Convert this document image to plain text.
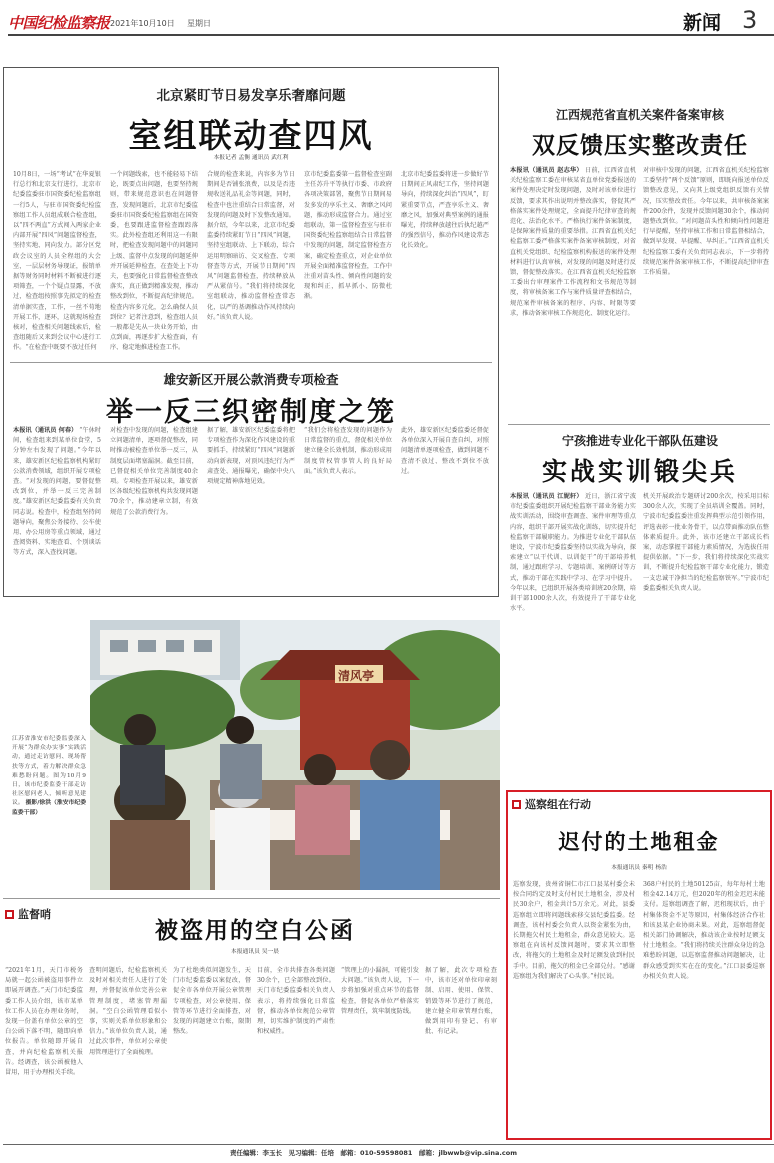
中国纪检监察报 2021年10月10日 星期日	新闻 3
北京紧盯节日易发享乐奢靡问题
室组联动查四风
本报记者 孟衡 通讯员 武红利
10月8日，一场“考试”在华夏银行总行和北京支行进行，北京市纪委监委驻市国资委纪检监察组一行5人，与驻市国资委纪检监察组工作人员组成联合检查组，以“四不两直”方式闯入两家企业内部开展“四风”问题监督检查，坚持实地、同向发力。部分区党政会议室的人员全程组的大会室，一层层材务导现证，报销单据等财务同时材料不断被进行逐项筛查，一个个疑点显露，不放过，检查组按照事先拟定的检查清单据实查，工作，一丝不苟地开展工作，逐环，这就现场检查核对，检查相关问题线索后，检查组随后又来到会议中心进行工作。“在检查中既要不放过任何
一个问题线索，也不能轻易下结论，既要点出问题，也要坚持规则，带来规范意识也在问题督查，发现问题后，北京市纪委监委驻市国资委纪检监察组在国资委，也要跟进监督检查跟踪落实。此外检查组还利用这一有限时，把检查发现问题中的问题同上级、监督中点发现的问题延伸并开展延伸检查，在查处上下功夫，也要强化日常监督检查整改落实，真正做到精准发现，推动整改到位，不断提高纪律规范。检查内容多元化，怎么确保人员到位？记者注意到，检查组人员一般都是先从一块业务开始，由点到面，再逐步扩大检查面，有序、稳定地推进检查工作。
合规的检查来说，内容多为节日期间是否铺张浪费，以及是否违规收送礼品礼金等问题，同时，检查中也注重结合日常监督，对发现的问题及时下发整改通知。据介绍，今年以来，北京市纪委监委持续紧盯节日“四风”问题，坚持室组联动、上下联动，综合运用明察暗访、交叉检查、专项督查等方式，开展节日期间“四风”问题监督检查，持续释放从严从紧信号。“我们将持续深化室组联动，推动监督检查常态化，以严的基调推动作风持续向好。”该负责人说。
京市纪委监委第一监督检查室副主任苏升平等执行市委、市政府各项决策部署，聚焦节日期间易发多发的享乐主义、奢靡之风问题，推动形成监督合力。通过室组联动，第一监督检查室与驻市国资委纪检监察组结合日常监督中发现的问题，制定监督检查方案，确定检查重点，对企业单位开展全面精准监督检查，工作中注重对苗头性、倾向性问题的发现和纠正，抓早抓小、防微杜渐。
北京市纪委监委将进一步做好节日期间正风肃纪工作，坚持问题导向，持续深化纠治“四风”，盯紧重要节点，严查享乐主义、奢靡之风，加强对典型案例的通报曝光，持续释放越往后执纪越严的强烈信号，推动作风建设常态化长效化。
雄安新区开展公款消费专项检查
举一反三织密制度之笼
本报讯（通讯员 何春） “午休时间，检查组来到某单位食堂，5分钟左右发现了问题。”今年以来，雄安新区纪检监察机构紧盯公款消费领域，组织开展专项检查。“对发现的问题，要督促整改到位，并举一反三完善制度。”雄安新区纪委监委有关负责同志说。检查中，检查组坚持问题导向，聚焦公务接待、公车使用、办公用房等重点领域，通过查阅资料、实地查看、个别谈话等方式，深入查找问题。
对检查中发现的问题，检查组建立问题清单，逐项督促整改，同时推动被检查单位举一反三，从制度层面堵塞漏洞。截至目前，已督促相关单位完善制度40余项。专项检查开展以来，雄安新区各级纪检监察机构共发现问题70余个，推动建章立制，有效规范了公款消费行为。
据了解，雄安新区纪委监委将把专项检查作为深化作风建设的重要抓手，持续紧盯“四风”问题新动向新表现，对顶风违纪行为严肃查处、通报曝光，确保中央八项规定精神落地见效。
“我们会将检查发现的问题作为日常监督的重点，督促相关单位建立健全长效机制，推动形成用制度管权管事管人的良好局面。”该负责人表示。
此外，雄安新区纪委监委还督促各单位深入开展自查自纠，对照问题清单逐项检查，做到问题不查清不放过、整改不到位不放过。
江西规范省直机关案件备案审核
双反馈压实整改责任
本报讯（通讯员 赵志华） 日前，江西省直机关纪检监察工委在审核某省直单位党委报送的案件处理决定时发现问题，及时对该单位进行反馈，要求其作出说明并整改落实，督促其严格落实案件处理规定，全面提升纪律审查的规范化、法治化水平。严格执行案件备案制度，是保障案件质量的重要举措。江西省直机关纪检监察工委严格落实案件备案审核制度，对省直机关党组织、纪检监察机构报送的案件处理材料进行认真审核，对发现的问题及时进行反馈，督促整改落实。在江西省直机关纪检监察工委出台审理案件工作流程和文书规范等制度，将审核备案工作与案件质量评查相结合，规范案件审核备案的程序、内容、时限等要求，推动备案审核工作规范化、制度化运行。
对审核中发现的问题，江西省直机关纪检监察工委坚持“两个反馈”原则，即既向报送单位反馈整改意见，又向其上级党组织反馈有关情况，压实整改责任。今年以来，共审核备案案件200余件，发现并反馈问题30余个，推动问题整改到位。“对问题苗头性和倾向性问题进行早提醒，坚持审核工作和日常监督相结合，做到早发现、早提醒、早纠正。”江西省直机关纪检监察工委有关负责同志表示，下一步将持续规范案件备案审核工作，不断提高纪律审查工作质量。
宁孩推进专业化干部队伍建设
实战实训锻尖兵
本报讯（通讯员 江妮轩） 近日，浙江省宁波市纪委监委组织开展纪检监察干部业务能力实战实训活动，围绕审查调查、案件审理等重点内容，组织干部开展实战化训练，切实提升纪检监察干部履职能力。为推进专业化干部队伍建设，宁波市纪委监委坚持以实战为导向，探索建立“以干代训、以训促干”的干部培养机制，通过跟班学习、专题培训、案例研讨等方式，推动干部在实践中学习、在学习中提升。今年以来，已组织开展各类培训班20余期，培训干部1000余人次，有效提升了干部专业化水平。
机关开展政治专题研讨200余次，按采用目标300余人次，实现了全员培训全覆盖。同时，宁波市纪委监委注重发挥典型示范引领作用，评选表彰一批业务骨干，以点带面推动队伍整体素质提升。此外，该市还建立干部成长档案，动态掌握干部能力素质情况，为选拔任用提供依据。“下一步，我们将持续深化实战实训，不断提升纪检监察干部专业化能力，锻造一支忠诚干净担当的纪检监察铁军。”宁波市纪委监委相关负责人说。
清风亭
江苏省淮安市纪委监委深入开展“为群众办实事”实践活动，通过走访慰问、现场帮扶等方式，着力解决群众急难愁盼问题。图为10月9日，该市纪委监委干部走访社区慰问老人，倾听意见建议。 摄影/徐洪（淮安市纪委监委干部）
监督哨
被盗用的空白公函
本报通讯员 吴一晨
“2021年1月，天门市税务局就一起公函被盗用事件立即展开调查。”天门市纪委监委工作人员介绍，该市某单位工作人员在办理业务时，发现一份盖有单位公章的空白公函下落不明，随即向单位报告。单位随即开展自查，并向纪检监察机关报告。经调查，该公函被他人冒用，用于办理相关手续。
查明问题后，纪检监察机关及时对相关责任人进行了处理，并督促该单位完善公章管理制度，堵塞管理漏洞。“空白公函管理看似小事，实则关系单位形象和公信力。”该单位负责人说，通过此次事件，单位对公章使用管理进行了全面梳理。
为了杜绝类似问题发生，天门市纪委监委以案促改，督促全市各单位开展公章管理专项检查，对公章使用、保管等环节进行全面排查，对发现的问题建立台账，限期整改。
目前，全市共排查各类问题30余个，已全部整改到位。天门市纪委监委相关负责人表示，将持续强化日常监督，推动各单位规范公章管理，切实维护制度的严肃性和权威性。
“管理上的小漏洞，可能引发大问题。”该负责人说，下一步将加强对重点环节的监督检查，督促各单位严格落实管理责任，筑牢制度防线。
据了解，此次专项检查中，该市还对单位印章刻制、启用、使用、保管、销毁等环节进行了规范，建立健全印章管理台账，做到用印有登记、有审批、有记录。
巡察组在行动
迟付的土地租金
本报通讯员 秦明 杨浩
巡察发现，贵州省铜仁市江口县某村委会未按合同约定及时支付村民土地租金，涉及村民30余户，租金共计5万余元。对此，县委巡察组立即将问题线索移交县纪委监委。经调查，该村村委会负责人以资金紧张为由，长期拖欠村民土地租金，群众意见较大。巡察组在向该村反馈问题时，要求其立即整改，将拖欠的土地租金及时足额发放到村民手中。目前，拖欠的租金已全部兑付。“感谢巡察组为我们解决了心头事。”村民说。
368户村民的土地50125亩，每年每村土地租金42.14万元，但2020年的租金迟迟未能支付。巡察组调查了解，迟租现状后，由于村集体资金不足等原因，村集体经济合作社和该县某企业协商未果。对此，巡察组督促相关部门协调解决，推动该企业按时足额支付土地租金。“我们将持续关注群众身边的急难愁盼问题，以巡察监督推动问题解决，让群众感受到实实在在的变化。”江口县委巡察办相关负责人说。
责任编辑：李玉长　见习编辑：任培　邮箱：010-59598081　邮箱：jlbwwb@vip.sina.com
